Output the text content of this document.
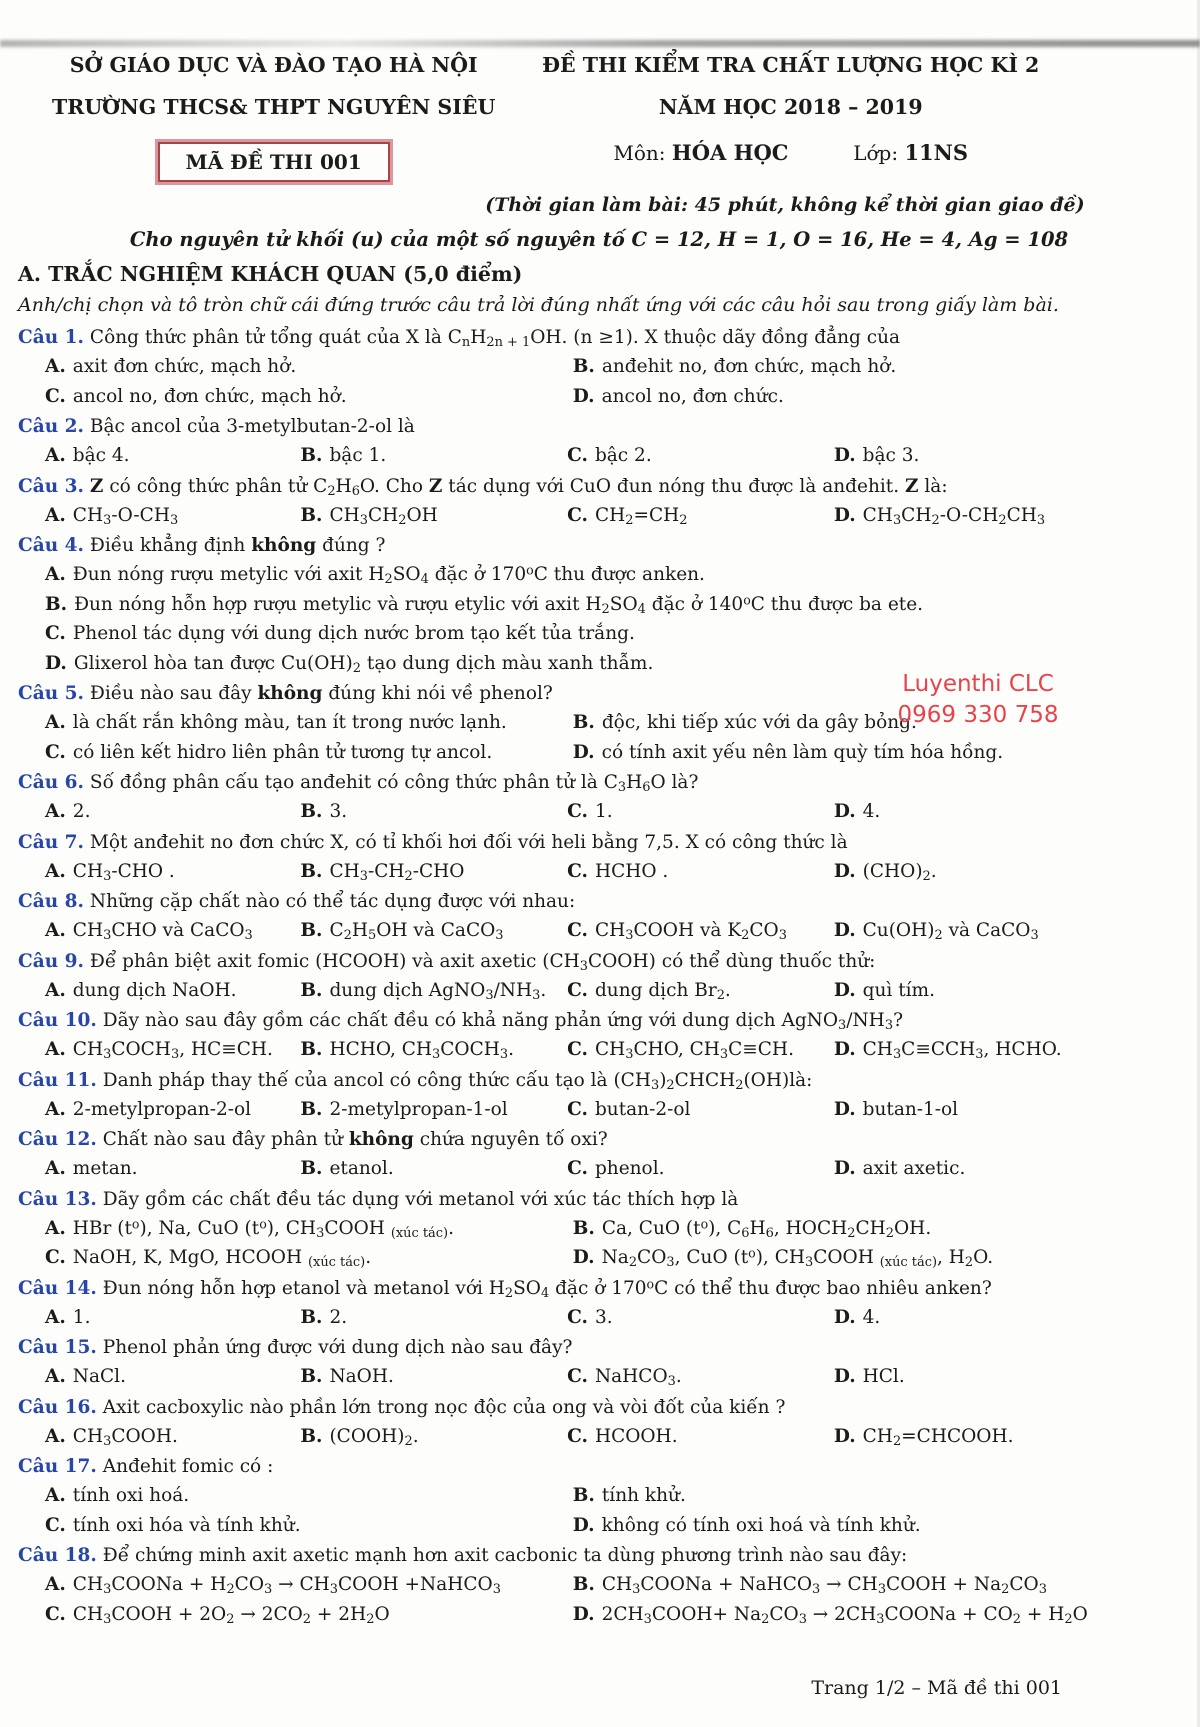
SỞ GIÁO DỤC VÀ ĐÀO TẠO HÀ NỘI
TRƯỜNG THCS& THPT NGUYÊN SIÊU
MÃ ĐỀ THI 001
ĐỀ THI KIỂM TRA CHẤT LƯỢNG HỌC KÌ 2
NĂM HỌC 2018 – 2019
Môn: HÓA HỌC	Lớp: 11NS
(Thời gian làm bài: 45 phút, không kể thời gian giao đề)
Cho nguyên tử khối (u) của một số nguyên tố C = 12, H = 1, O = 16, He = 4, Ag = 108
A. TRẮC NGHIỆM KHÁCH QUAN (5,0 điểm)
Anh/chị chọn và tô tròn chữ cái đứng trước câu trả lời đúng nhất ứng với các câu hỏi sau trong giấy làm bài.
Câu 1. Công thức phân tử tổng quát của X là $C_nH_{2n + 1}OH$. (n ≥1). X thuộc dãy đồng đẳng của
A. axit đơn chức, mạch hở.	B. anđehit no, đơn chức, mạch hở.
C. ancol no, đơn chức, mạch hở.	D. ancol no, đơn chức.
Câu 2. Bậc ancol của 3-metylbutan-2-ol là
A. bậc 4.	B. bậc 1.	C. bậc 2.	D. bậc 3.
Câu 3. Z có công thức phân tử $C_2H_6O$. Cho Z tác dụng với CuO đun nóng thu được là anđehit. Z là:
A. $CH_3-O-CH_3$	B. $CH_3CH_2OH$	C. $CH_2=CH_2$	D. $CH_3CH_2-O-CH_2CH_3$
Câu 4. Điều khẳng định không đúng ?
A. Đun nóng rượu metylic với axit $H_2SO_4$ đặc ở 170$^o$C thu được anken.
B. Đun nóng hỗn hợp rượu metylic và rượu etylic với axit $H_2SO_4$ đặc ở 140$^o$C thu được ba ete.
C. Phenol tác dụng với dung dịch nước brom tạo kết tủa trắng.
D. Glixerol hòa tan được $Cu(OH)_2$ tạo dung dịch màu xanh thẫm.
Câu 5. Điều nào sau đây không đúng khi nói về phenol?
A. là chất rắn không màu, tan ít trong nước lạnh.	B. độc, khi tiếp xúc với da gây bỏng.
C. có liên kết hidro liên phân tử tương tự ancol.	D. có tính axit yếu nên làm quỳ tím hóa hồng.
Câu 6. Số đồng phân cấu tạo anđehit có công thức phân tử là $C_3H_6O$ là?
A. 2.	B. 3.	C. 1.	D. 4.
Câu 7. Một anđehit no đơn chức X, có tỉ khối hơi đối với heli bằng 7,5. X có công thức là
A. $CH_3$-CHO .	B. $CH_3-CH_2$-CHO	C. HCHO .	D. $(CHO)_2$.
Câu 8. Những cặp chất nào có thể tác dụng được với nhau:
A. $CH_3CHO$ và CaCO$_3$	B. $C_2H_5OH$ và CaCO$_3$	C. $CH_3COOH$ và $K_2CO_3$	D. $Cu(OH)_2$ và CaCO$_3$
Câu 9. Để phân biệt axit fomic (HCOOH) và axit axetic $(CH_3COOH)$ có thể dùng thuốc thử:
A. dung dịch NaOH.	B. dung dịch $AgNO_3/NH_3$.	C. dung dịch $Br_2$.	D. quì tím.
Câu 10. Dãy nào sau đây gồm các chất đều có khả năng phản ứng với dung dịch $AgNO_3/NH_3$?
A. $CH_3COCH_3$, HC≡CH.	B. HCHO, $CH_3COCH_3$.	C. $CH_3CHO$, $CH_3C\equiv CH$.	D. $CH_3C\equiv CCH_3$, HCHO.
Câu 11. Danh pháp thay thế của ancol có công thức cấu tạo là $(CH_3)_2CHCH_2(OH)là$:
A. 2-metylpropan-2-ol	B. 2-metylpropan-1-ol	C. butan-2-ol	D. butan-1-ol
Câu 12. Chất nào sau đây phân tử không chứa nguyên tố oxi?
A. metan.	B. etanol.	C. phenol.	D. axit axetic.
Câu 13. Dãy gồm các chất đều tác dụng với metanol với xúc tác thích hợp là
A. HBr $(t^o)$, Na, CuO $(t^o)$, $CH_3COOH$ $_{(xúc tác)}$.	B. Ca, CuO $(t^o)$, $C_6H_6$, $HOCH_2CH_2OH$.
C. NaOH, K, MgO, HCOOH $_{(xúc tác)}$.	D. $Na_2CO_3$, CuO $(t^o)$, $CH_3COOH$ $_{(xúc tác)}$, $H_2O$.
Câu 14. Đun nóng hỗn hợp etanol và metanol với $H_2SO_4$ đặc ở 170$^o$C có thể thu được bao nhiêu anken?
A. 1.	B. 2.	C. 3.	D. 4.
Câu 15. Phenol phản ứng được với dung dịch nào sau đây?
A. NaCl.	B. NaOH.	C. NaHCO$_3$.	D. HCl.
Câu 16. Axit cacboxylic nào phần lớn trong nọc độc của ong và vòi đốt của kiến ?
A. $CH_3COOH$.	B. $(COOH)_2$.	C. HCOOH.	D. $CH_2=CHCOOH$.
Câu 17. Anđehit fomic có :
A. tính oxi hoá.	B. tính khử.
C. tính oxi hóa và tính khử.	D. không có tính oxi hoá và tính khử.
Câu 18. Để chứng minh axit axetic mạnh hơn axit cacbonic ta dùng phương trình nào sau đây:
A. $CH_3COONa + H_2CO_3$ → $CH_3COOH$ +NaHCO$_3$	B. $CH_3COONa$ + NaHCO$_3$ → $CH_3COOH + Na_2CO_3$
C. $CH_3COOH + 2O_2 \to 2CO_2 + 2H_2O$	D. $2CH_3COOH+ Na_2CO_3$ → $2CH_3COONa + CO_2 + H_2O$
Luyenthi CLC
0969 330 758
Trang 1/2 – Mã đề thi 001
